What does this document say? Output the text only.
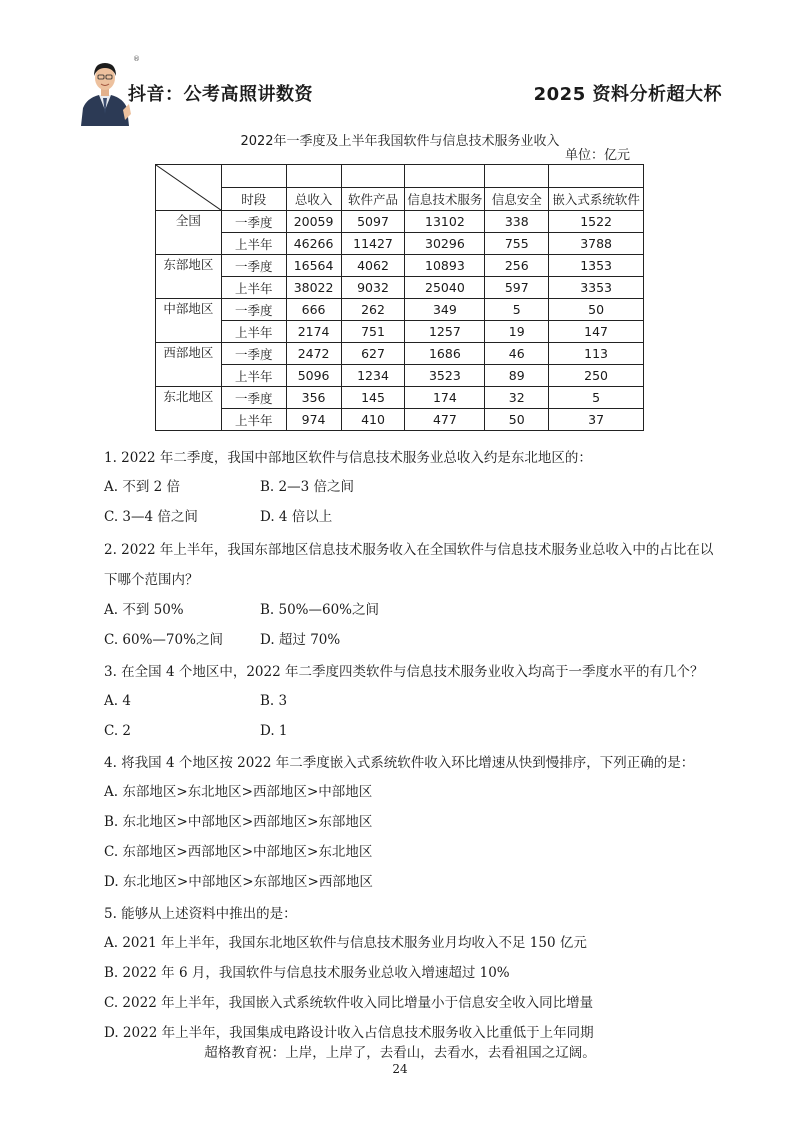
®
抖音：公考高照讲数资	2025 资料分析超大杯
2022年一季度及上半年我国软件与信息技术服务业收入
单位：亿元

	时段	总收入	软件产品	信息技术服务	信息安全	嵌入式系统软件
全国	一季度	20059	5097	13102	338	1522
	上半年	46266	11427	30296	755	3788
东部地区	一季度	16564	4062	10893	256	1353
	上半年	38022	9032	25040	597	3353
中部地区	一季度	666	262	349	5	50
	上半年	2174	751	1257	19	147
西部地区	一季度	2472	627	1686	46	113
	上半年	5096	1234	3523	89	250
东北地区	一季度	356	145	174	32	5
	上半年	974	410	477	50	37
1. 2022 年二季度，我国中部地区软件与信息技术服务业总收入约是东北地区的：
A. 不到 2 倍	B. 2—3 倍之间
C. 3—4 倍之间	D. 4 倍以上
2. 2022 年上半年，我国东部地区信息技术服务收入在全国软件与信息技术服务业总收入中的占比在以下哪个范围内？
A. 不到 50%	B. 50%—60%之间
C. 60%—70%之间	D. 超过 70%
3. 在全国 4 个地区中，2022 年二季度四类软件与信息技术服务业收入均高于一季度水平的有几个？
A. 4	B. 3
C. 2	D. 1
4. 将我国 4 个地区按 2022 年二季度嵌入式系统软件收入环比增速从快到慢排序，下列正确的是：
A. 东部地区>东北地区>西部地区>中部地区
B. 东北地区>中部地区>西部地区>东部地区
C. 东部地区>西部地区>中部地区>东北地区
D. 东北地区>中部地区>东部地区>西部地区
5. 能够从上述资料中推出的是：
A. 2021 年上半年，我国东北地区软件与信息技术服务业月均收入不足 150 亿元
B. 2022 年 6 月，我国软件与信息技术服务业总收入增速超过 10%
C. 2022 年上半年，我国嵌入式系统软件收入同比增量小于信息安全收入同比增量
D. 2022 年上半年，我国集成电路设计收入占信息技术服务收入比重低于上年同期
超格教育祝：上岸，上岸了，去看山，去看水，去看祖国之辽阔。
24
